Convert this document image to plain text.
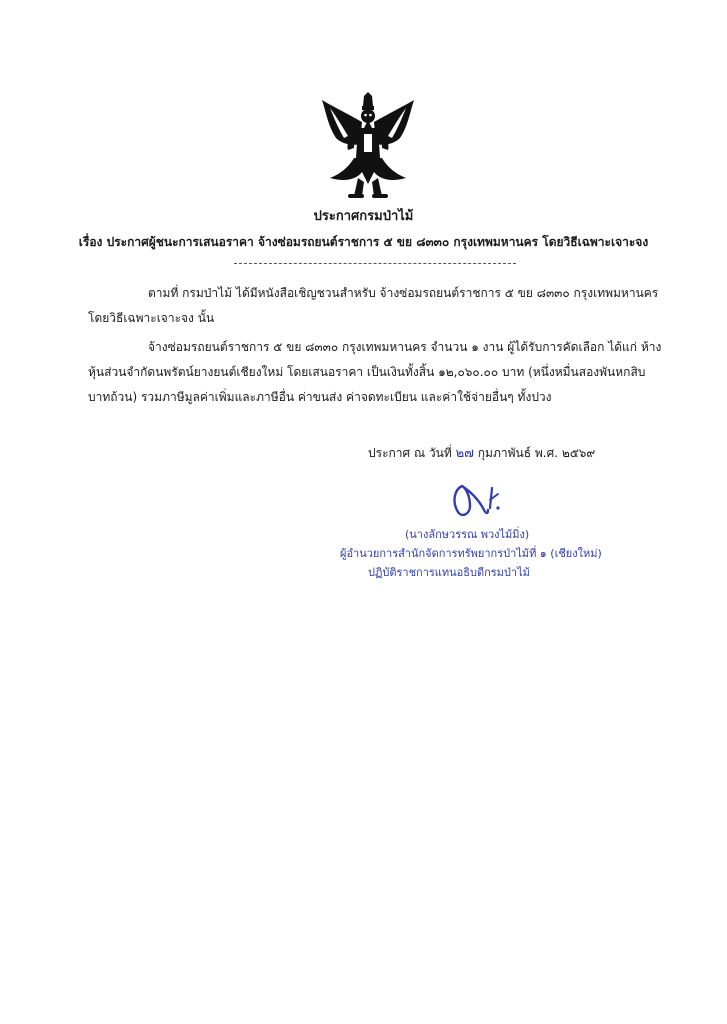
ประกาศกรมป่าไม้
เรื่อง ประกาศผู้ชนะการเสนอราคา จ้างซ่อมรถยนต์ราชการ ๕ ขย ๘๓๓๐ กรุงเทพมหานคร โดยวิธีเฉพาะเจาะจง
ตามที่ กรมป่าไม้ ได้มีหนังสือเชิญชวนสำหรับ จ้างซ่อมรถยนต์ราชการ ๕ ขย ๘๓๓๐ กรุงเทพมหานคร
โดยวิธีเฉพาะเจาะจง นั้น
จ้างซ่อมรถยนต์ราชการ ๕ ขย ๘๓๓๐ กรุงเทพมหานคร จำนวน ๑ งาน ผู้ได้รับการคัดเลือก ได้แก่ ห้าง
หุ้นส่วนจำกัดนพรัตน์ยางยนต์เชียงใหม่ โดยเสนอราคา เป็นเงินทั้งสิ้น ๑๒,๐๖๐.๐๐ บาท (หนึ่งหมื่นสองพันหกสิบ
บาทถ้วน) รวมภาษีมูลค่าเพิ่มและภาษีอื่น ค่าขนส่ง ค่าจดทะเบียน และค่าใช้จ่ายอื่นๆ ทั้งปวง
ประกาศ ณ วันที่ ๒๗ กุมภาพันธ์ พ.ศ. ๒๕๖๙
(นางลักษวรรณ พวงไม้มิ่ง)
ผู้อำนวยการสำนักจัดการทรัพยากรป่าไม้ที่ ๑ (เชียงใหม่)
ปฏิบัติราชการแทนอธิบดีกรมป่าไม้
